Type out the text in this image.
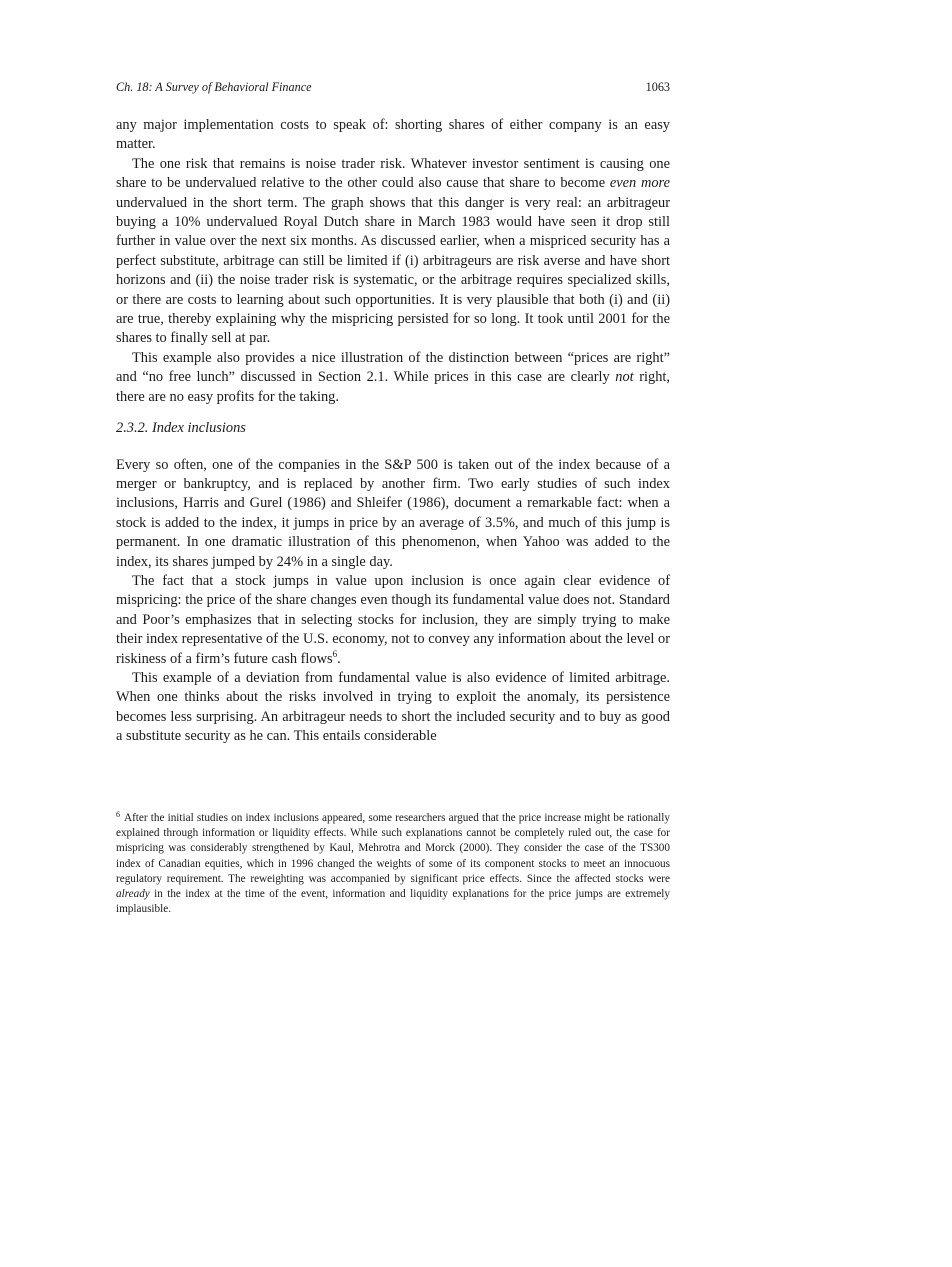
Ch. 18: A Survey of Behavioral Finance	1063

any major implementation costs to speak of: shorting shares of either company is an easy matter.

The one risk that remains is noise trader risk. Whatever investor sentiment is causing one share to be undervalued relative to the other could also cause that share to become even more undervalued in the short term. The graph shows that this danger is very real: an arbitrageur buying a 10% undervalued Royal Dutch share in March 1983 would have seen it drop still further in value over the next six months. As discussed earlier, when a mispriced security has a perfect substitute, arbitrage can still be limited if (i) arbitrageurs are risk averse and have short horizons and (ii) the noise trader risk is systematic, or the arbitrage requires specialized skills, or there are costs to learning about such opportunities. It is very plausible that both (i) and (ii) are true, thereby explaining why the mispricing persisted for so long. It took until 2001 for the shares to finally sell at par.

This example also provides a nice illustration of the distinction between “prices are right” and “no free lunch” discussed in Section 2.1. While prices in this case are clearly not right, there are no easy profits for the taking.

2.3.2. Index inclusions

Every so often, one of the companies in the S&P 500 is taken out of the index because of a merger or bankruptcy, and is replaced by another firm. Two early studies of such index inclusions, Harris and Gurel (1986) and Shleifer (1986), document a remarkable fact: when a stock is added to the index, it jumps in price by an average of 3.5%, and much of this jump is permanent. In one dramatic illustration of this phenomenon, when Yahoo was added to the index, its shares jumped by 24% in a single day.

The fact that a stock jumps in value upon inclusion is once again clear evidence of mispricing: the price of the share changes even though its fundamental value does not. Standard and Poor’s emphasizes that in selecting stocks for inclusion, they are simply trying to make their index representative of the U.S. economy, not to convey any information about the level or riskiness of a firm’s future cash flows$^6$.

This example of a deviation from fundamental value is also evidence of limited arbitrage. When one thinks about the risks involved in trying to exploit the anomaly, its persistence becomes less surprising. An arbitrageur needs to short the included security and to buy as good a substitute security as he can. This entails considerable

$^6$ After the initial studies on index inclusions appeared, some researchers argued that the price increase might be rationally explained through information or liquidity effects. While such explanations cannot be completely ruled out, the case for mispricing was considerably strengthened by Kaul, Mehrotra and Morck (2000). They consider the case of the TS300 index of Canadian equities, which in 1996 changed the weights of some of its component stocks to meet an innocuous regulatory requirement. The reweighting was accompanied by significant price effects. Since the affected stocks were already in the index at the time of the event, information and liquidity explanations for the price jumps are extremely implausible.
